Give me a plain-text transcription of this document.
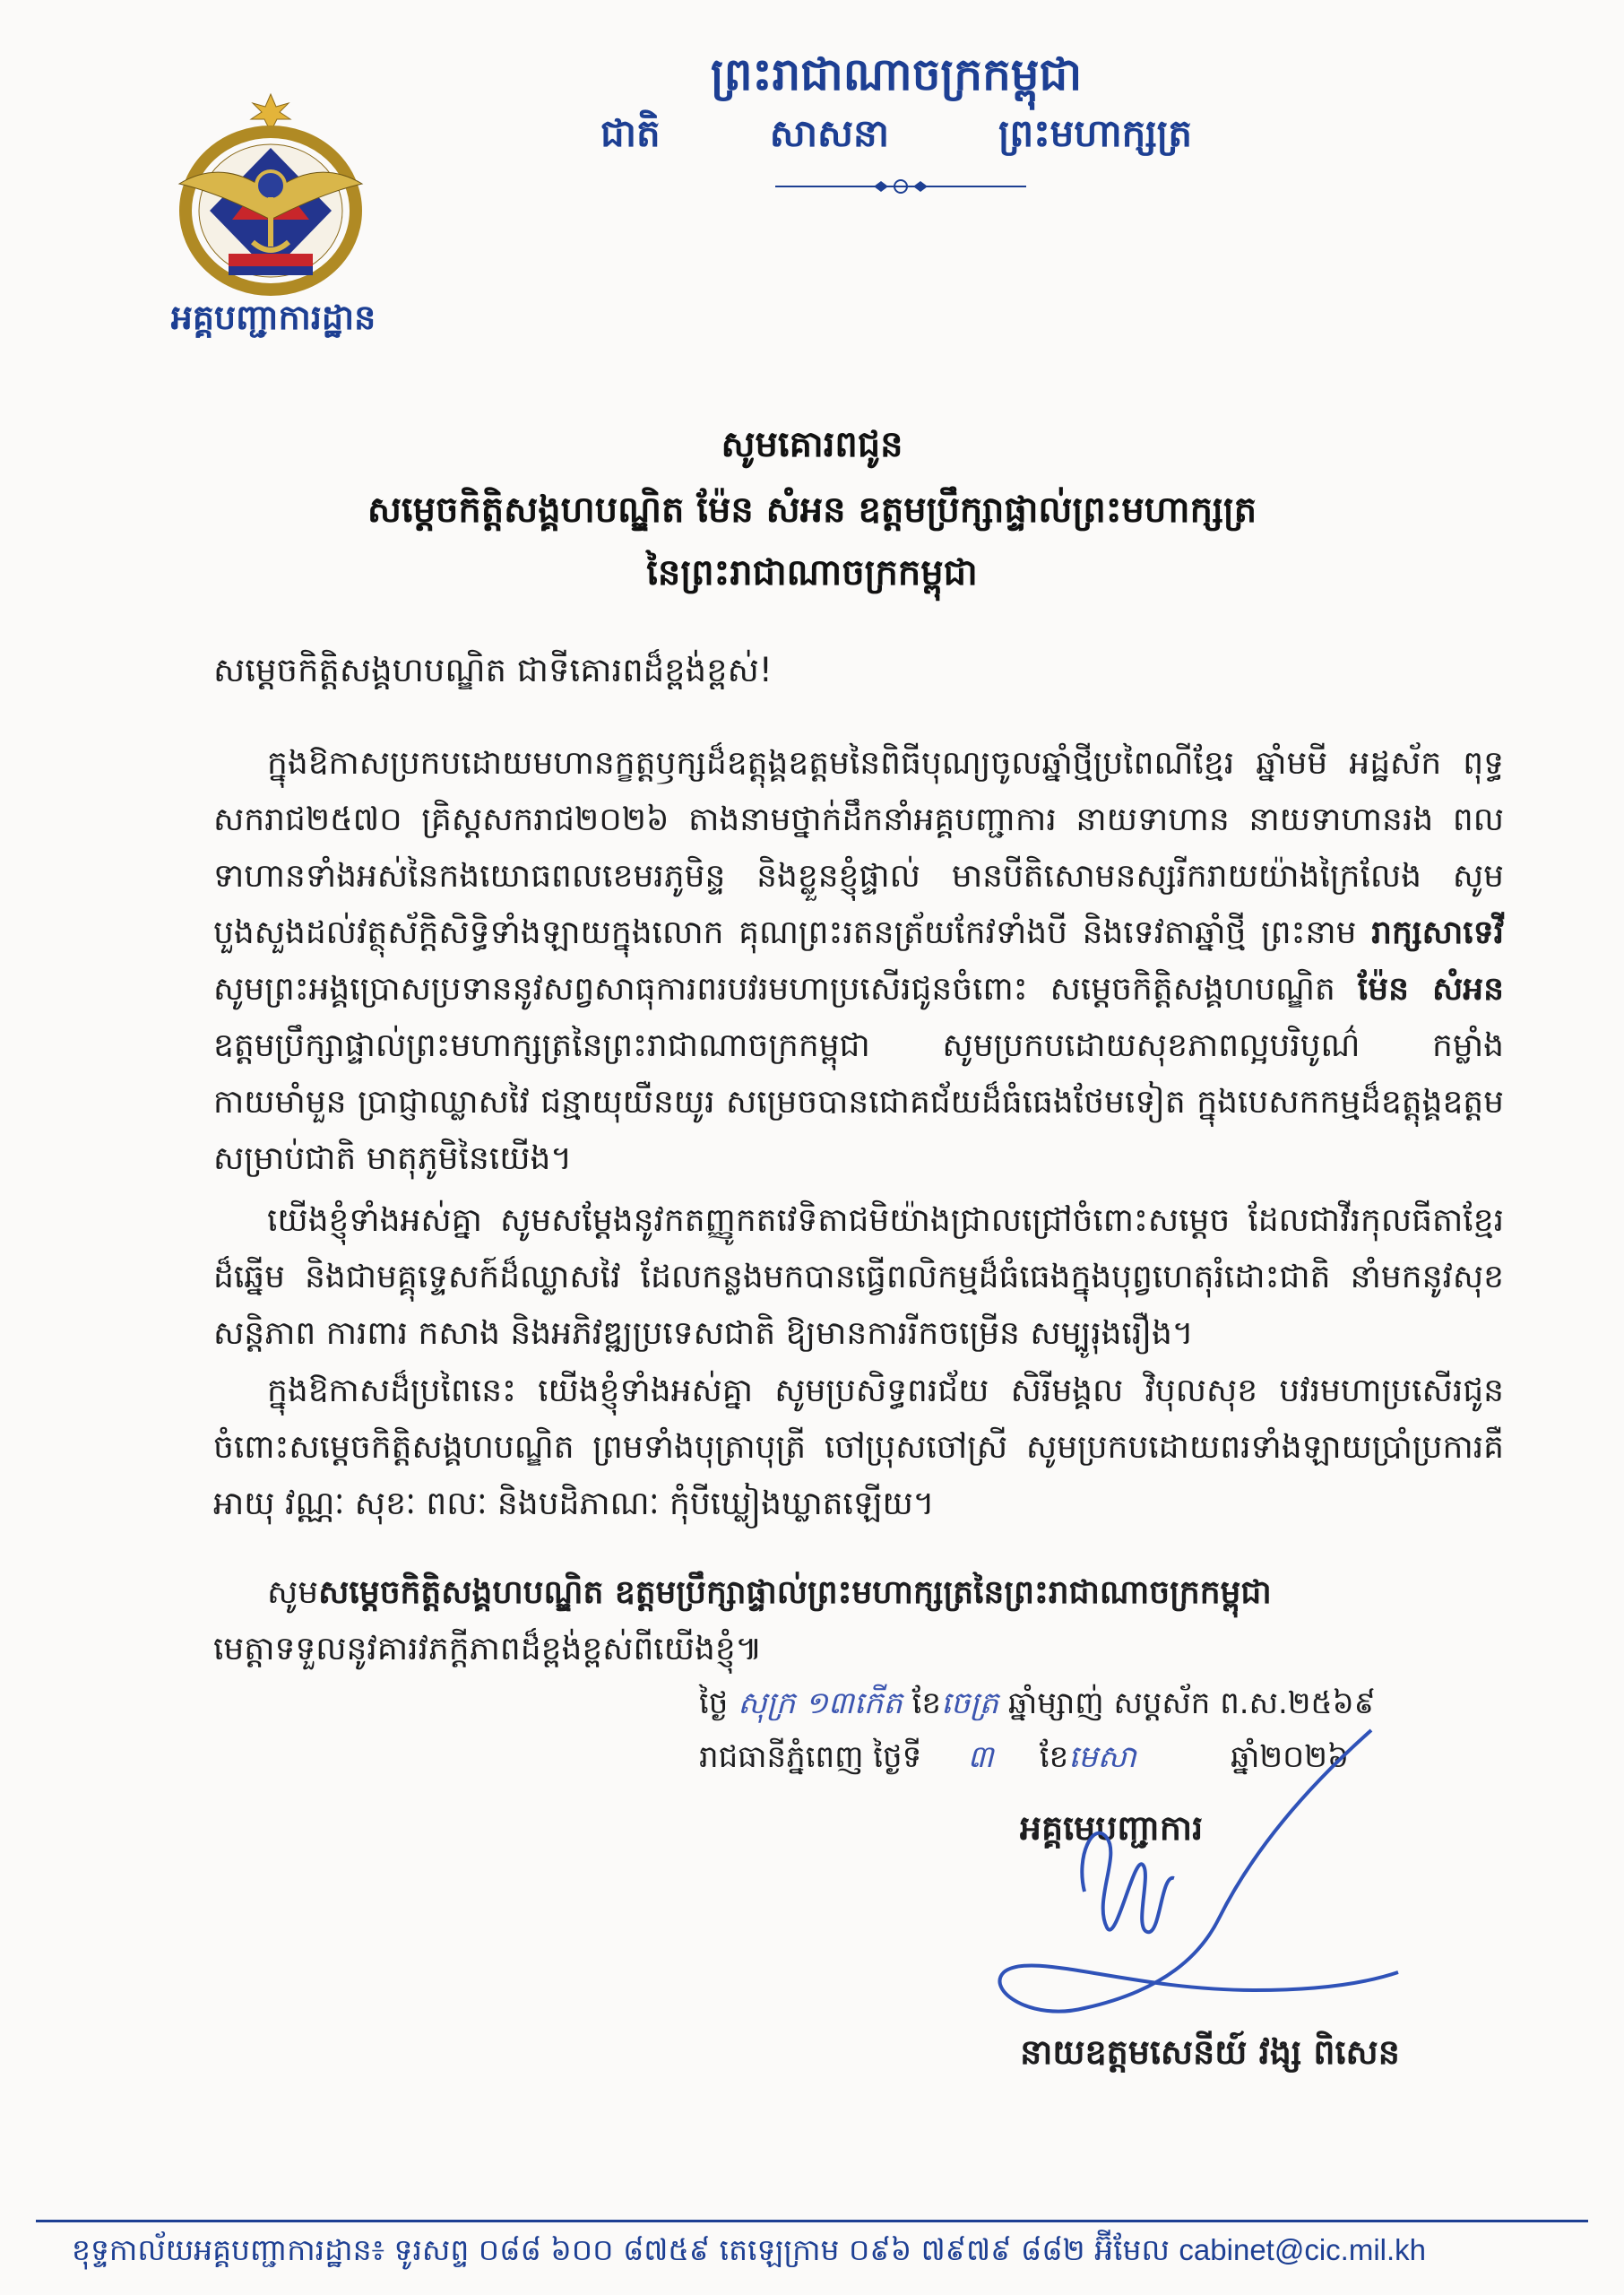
អគ្គបញ្ជាការដ្ឋាន
ព្រះរាជាណាចក្រកម្ពុជា
ជាតិ	សាសនា	ព្រះមហាក្សត្រ
សូមគោរពជូន
សម្តេចកិត្តិសង្គហបណ្ឌិត ម៉ែន សំអន ឧត្តមប្រឹក្សាផ្ទាល់ព្រះមហាក្សត្រ
នៃព្រះរាជាណាចក្រកម្ពុជា
សម្តេចកិត្តិសង្គហបណ្ឌិត ជាទីគោរពដ៏ខ្ពង់ខ្ពស់!

ក្នុងឱកាសប្រកបដោយមហានក្ខត្តឫក្សដ៏ឧត្តុង្គឧត្តមនៃពិធីបុណ្យចូលឆ្នាំថ្មីប្រពៃណីខ្មែរ ឆ្នាំមមី អដ្ឋស័ក ពុទ្ធសករាជ២៥៧០ គ្រិស្តសករាជ២០២៦ តាងនាមថ្នាក់ដឹកនាំអគ្គបញ្ជាការ នាយទាហាន នាយទាហានរង ពលទាហានទាំងអស់នៃកងយោធពលខេមរភូមិន្ទ និងខ្លួនខ្ញុំផ្ទាល់ មានបីតិសោមនស្សរីករាយយ៉ាងក្រៃលែង សូមបួងសួងដល់វត្ថុស័ក្តិសិទ្ធិទាំងឡាយក្នុងលោក គុណព្រះរតនត្រ័យកែវទាំងបី និងទេវតាឆ្នាំថ្មី ព្រះនាម រាក្សសាទេវី សូមព្រះអង្គប្រោសប្រទាននូវសព្វសាធុការពរបវរមហាប្រសើរជូនចំពោះ សម្តេចកិត្តិសង្គហបណ្ឌិត ម៉ែន សំអន ឧត្តមប្រឹក្សាផ្ទាល់ព្រះមហាក្សត្រនៃព្រះរាជាណាចក្រកម្ពុជា សូមប្រកបដោយសុខភាពល្អបរិបូណ៌ កម្លាំងកាយមាំមួន ប្រាជ្ញាឈ្លាសវៃ ជន្មាយុយឺនយូរ សម្រេចបានជោគជ័យដ៏ធំធេងថែមទៀត ក្នុងបេសកកម្មដ៏ឧត្តុង្គឧត្តមសម្រាប់ជាតិ មាតុភូមិនៃយើង។

យើងខ្ញុំទាំងអស់គ្នា សូមសម្តែងនូវកតញ្ញូកតវេទិតាជមិយ៉ាងជ្រាលជ្រៅចំពោះសម្តេច ដែលជាវីរកុលធីតាខ្មែរដ៏ឆ្នើម និងជាមគ្គុទ្ទេសក៍ដ៏ឈ្លាសវៃ ដែលកន្លងមកបានធ្វើពលិកម្មដ៏ធំធេងក្នុងបុព្វហេតុរំដោះជាតិ នាំមកនូវសុខសន្តិភាព ការពារ កសាង និងអភិវឌ្ឍប្រទេសជាតិ ឱ្យមានការរីកចម្រើន សម្បូរុងរឿង។

ក្នុងឱកាសដ៏ប្រពៃនេះ យើងខ្ញុំទាំងអស់គ្នា សូមប្រសិទ្ធពរជ័យ សិរីមង្គល វិបុលសុខ បវរមហាប្រសើរជូនចំពោះសម្តេចកិត្តិសង្គហបណ្ឌិត ព្រមទាំងបុត្រាបុត្រី ចៅប្រុសចៅស្រី សូមប្រកបដោយពរទាំងឡាយប្រាំប្រការគឺ អាយុ វណ្ណៈ សុខៈ ពលៈ និងបដិភាណៈ កុំបីឃ្លៀងឃ្លាតឡើយ។

សូមសម្តេចកិត្តិសង្គហបណ្ឌិត ឧត្តមប្រឹក្សាផ្ទាល់ព្រះមហាក្សត្រនៃព្រះរាជាណាចក្រកម្ពុជា
មេត្តាទទួលនូវគារវភក្តីភាពដ៏ខ្ពង់ខ្ពស់ពីយើងខ្ញុំ៕

ថ្ងៃ សុក្រ ១៣កើត ខែចេត្រ ឆ្នាំម្សាញ់ សប្តស័ក ព.ស.២៥៦៩
រាជធានីភ្នំពេញ ថ្ងៃទី ៣ ខែមេសា	ឆ្នាំ២០២៦
អគ្គមេបញ្ជាការ
នាយឧត្តមសេនីយ៍ វង្ស ពិសេន
ខុទ្ទកាល័យអគ្គបញ្ជាការដ្ឋាន៖ ទូរសព្ទ ០៨៨ ៦០០ ៨៧៥៩ តេឡេក្រាម ០៩៦ ៧៩៧៩ ៨៨២ អ៊ីមែល cabinet@cic.mil.kh
